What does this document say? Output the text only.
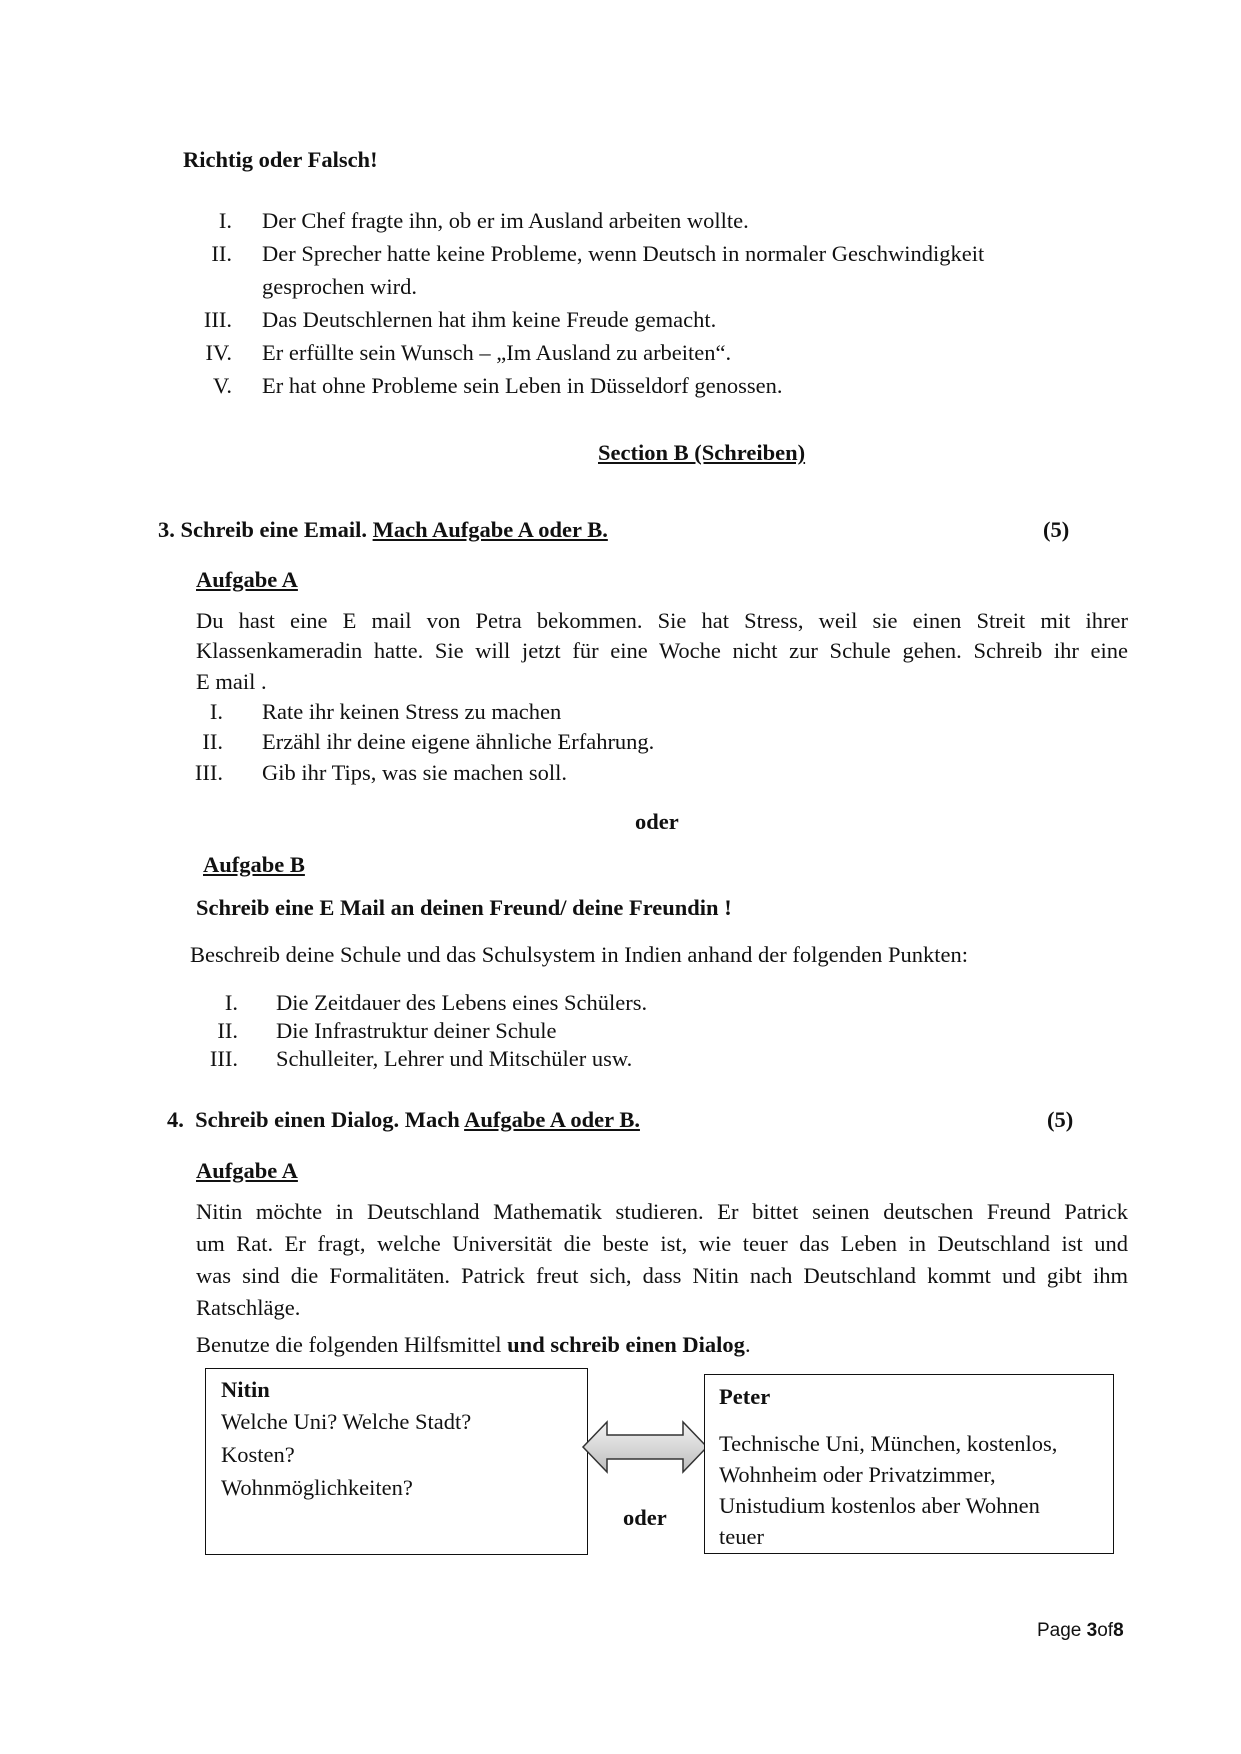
Richtig oder Falsch!
I. Der Chef fragte ihn, ob er im Ausland arbeiten wollte.
II. Der Sprecher hatte keine Probleme, wenn Deutsch in normaler Geschwindigkeit
gesprochen wird.
III. Das Deutschlernen hat ihm keine Freude gemacht.
IV. Er erfüllte sein Wunsch – „Im Ausland zu arbeiten“.
V. Er hat ohne Probleme sein Leben in Düsseldorf genossen.
Section B (Schreiben)
3. Schreib eine Email. Mach Aufgabe A oder B.	(5)
Aufgabe A
Du hast eine E mail von Petra bekommen. Sie hat Stress, weil sie einen Streit mit ihrer
Klassenkameradin hatte. Sie will jetzt für eine Woche nicht zur Schule gehen. Schreib ihr eine
E mail .
I. Rate ihr keinen Stress zu machen
II. Erzähl ihr deine eigene ähnliche Erfahrung.
III. Gib ihr Tips, was sie machen soll.
oder
Aufgabe B
Schreib eine E Mail an deinen Freund/ deine Freundin !
Beschreib deine Schule und das Schulsystem in Indien anhand der folgenden Punkten:
I. Die Zeitdauer des Lebens eines Schülers.
II. Die Infrastruktur deiner Schule
III. Schulleiter, Lehrer und Mitschüler usw.
4.  Schreib einen Dialog. Mach Aufgabe A oder B.	(5)
Aufgabe A
Nitin möchte in Deutschland Mathematik studieren. Er bittet seinen deutschen Freund Patrick
um Rat. Er fragt, welche Universität die beste ist, wie teuer das Leben in Deutschland ist und
was sind die Formalitäten. Patrick freut sich, dass Nitin nach Deutschland kommt und gibt ihm
Ratschläge.
Benutze die folgenden Hilfsmittel und schreib einen Dialog.
Nitin
Welche Uni? Welche Stadt?
Kosten?
Wohnmöglichkeiten?
oder
Peter
Technische Uni, München, kostenlos,
Wohnheim oder Privatzimmer,
Unistudium kostenlos aber Wohnen
teuer
Page 3of8
